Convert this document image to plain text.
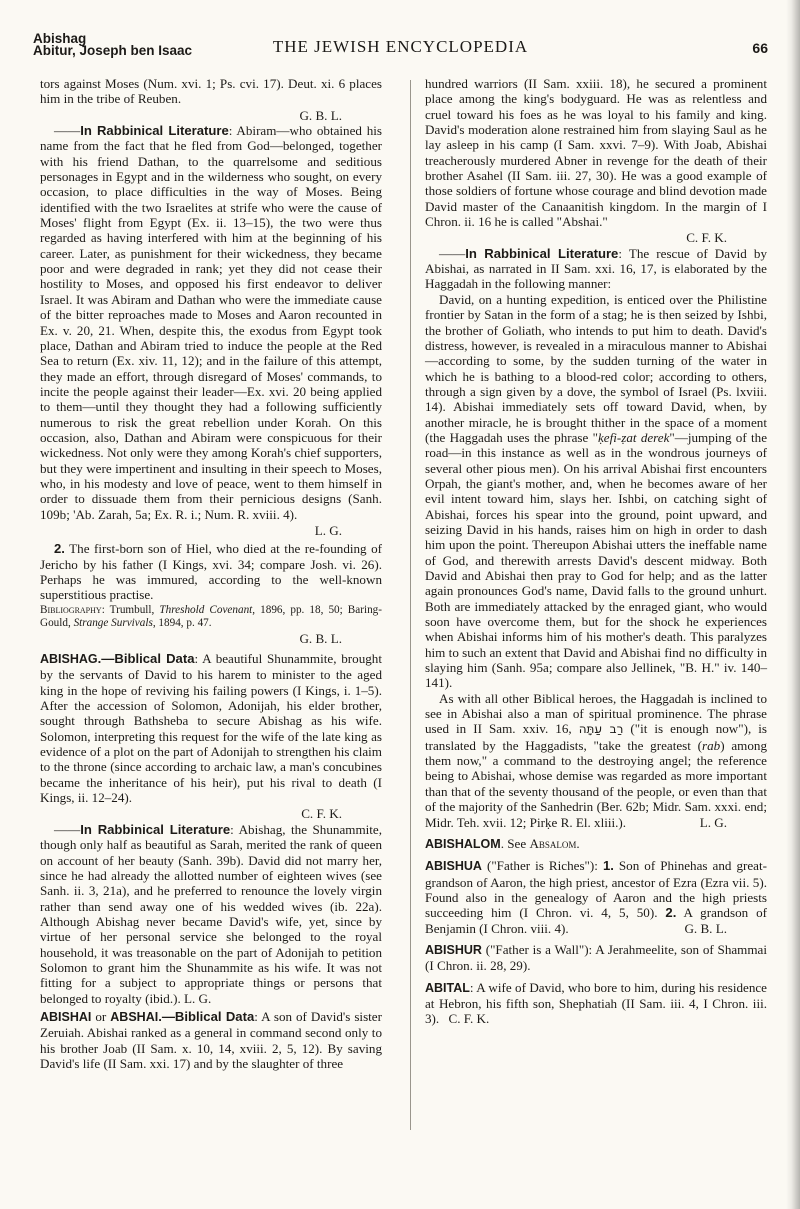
Abishag
Abitur, Joseph ben Isaac	THE JEWISH ENCYCLOPEDIA	66

tors against Moses (Num. xvi. 1; Ps. cvi. 17). Deut. xi. 6 places him in the tribe of Reuben.

G. B. L.

——In Rabbinical Literature: Abiram—who obtained his name from the fact that he fled from God—belonged, together with his friend Dathan, to the quarrelsome and seditious personages in Egypt and in the wilderness who sought, on every occasion, to place difficulties in the way of Moses. Being identified with the two Israelites at strife who were the cause of Moses' flight from Egypt (Ex. ii. 13–15), the two were thus regarded as having interfered with him at the beginning of his career. Later, as punishment for their wickedness, they became poor and were degraded in rank; yet they did not cease their hostility to Moses, and opposed his first endeavor to deliver Israel. It was Abiram and Dathan who were the immediate cause of the bitter reproaches made to Moses and Aaron recounted in Ex. v. 20, 21. When, despite this, the exodus from Egypt took place, Dathan and Abiram tried to induce the people at the Red Sea to return (Ex. xiv. 11, 12); and in the failure of this attempt, they made an effort, through disregard of Moses' commands, to incite the people against their leader—Ex. xvi. 20 being applied to them—until they thought they had a following sufficiently numerous to risk the great rebellion under Korah. On this occasion, also, Dathan and Abiram were conspicuous for their wickedness. Not only were they among Korah's chief supporters, but they were impertinent and insulting in their speech to Moses, who, in his modesty and love of peace, went to them himself in order to dissuade them from their pernicious designs (Sanh. 109b; 'Ab. Zarah, 5a; Ex. R. i.; Num. R. xviii. 4).

L. G.

2. The first-born son of Hiel, who died at the re-founding of Jericho by his father (I Kings, xvi. 34; compare Josh. vi. 26). Perhaps he was immured, according to the well-known superstitious practise.

Bibliography: Trumbull, Threshold Covenant, 1896, pp. 18, 50; Baring-Gould, Strange Survivals, 1894, p. 47.

G. B. L.

ABISHAG.—Biblical Data: A beautiful Shunammite, brought by the servants of David to his harem to minister to the aged king in the hope of reviving his failing powers (I Kings, i. 1–5). After the accession of Solomon, Adonijah, his elder brother, sought through Bathsheba to secure Abishag as his wife. Solomon, interpreting this request for the wife of the late king as evidence of a plot on the part of Adonijah to strengthen his claim to the throne (since according to archaic law, a man's concubines became the inheritance of his heir), put his rival to death (I Kings, ii. 12–24).

C. F. K.

——In Rabbinical Literature: Abishag, the Shunammite, though only half as beautiful as Sarah, merited the rank of queen on account of her beauty (Sanh. 39b). David did not marry her, since he had already the allotted number of eighteen wives (see Sanh. ii. 3, 21a), and he preferred to renounce the lovely virgin rather than send away one of his wedded wives (ib. 22a). Although Abishag never became David's wife, yet, since by virtue of her personal service she belonged to the royal household, it was treasonable on the part of Adonijah to petition Solomon to grant him the Shunammite as his wife. It was not fitting for a subject to appropriate things or persons that belonged to royalty (ibid.). L. G.

ABISHAI or ABSHAI.—Biblical Data: A son of David's sister Zeruiah. Abishai ranked as a general in command second only to his brother Joab (II Sam. x. 10, 14, xviii. 2, 5, 12). By saving David's life (II Sam. xxi. 17) and by the slaughter of three

hundred warriors (II Sam. xxiii. 18), he secured a prominent place among the king's bodyguard. He was as relentless and cruel toward his foes as he was loyal to his family and king. David's moderation alone restrained him from slaying Saul as he lay asleep in his camp (I Sam. xxvi. 7–9). With Joab, Abishai treacherously murdered Abner in revenge for the death of their brother Asahel (II Sam. iii. 27, 30). He was a good example of those soldiers of fortune whose courage and blind devotion made David master of the Canaanitish kingdom. In the margin of I Chron. ii. 16 he is called "Abshai."

C. F. K.

——In Rabbinical Literature: The rescue of David by Abishai, as narrated in II Sam. xxi. 16, 17, is elaborated by the Haggadah in the following manner:

David, on a hunting expedition, is enticed over the Philistine frontier by Satan in the form of a stag; he is then seized by Ishbi, the brother of Goliath, who intends to put him to death. David's distress, however, is revealed in a miraculous manner to Abishai—according to some, by the sudden turning of the water in which he is bathing to a blood-red color; according to others, through a sign given by a dove, the symbol of Israel (Ps. lxviii. 14). Abishai immediately sets off toward David, when, by another miracle, he is brought thither in the space of a moment (the Haggadah uses the phrase "ḳefi-ẓat derek"—jumping of the road—in this instance as well as in the wondrous journeys of several other pious men). On his arrival Abishai first encounters Orpah, the giant's mother, and, when he becomes aware of her evil intent toward him, slays her. Ishbi, on catching sight of Abishai, forces his spear into the ground, point upward, and seizing David in his hands, raises him on high in order to dash him upon the point. Thereupon Abishai utters the ineffable name of God, and therewith arrests David's descent midway. Both David and Abishai then pray to God for help; and as the latter again pronounces God's name, David falls to the ground unhurt. Both are immediately attacked by the enraged giant, who would soon have overcome them, but for the shock he experiences when Abishai informs him of his mother's death. This paralyzes him to such an extent that David and Abishai find no difficulty in slaying him (Sanh. 95a; compare also Jellinek, "B. H." iv. 140–141).

As with all other Biblical heroes, the Haggadah is inclined to see in Abishai also a man of spiritual prominence. The phrase used in II Sam. xxiv. 16, רַב עַתָּה ("it is enough now"), is translated by the Haggadists, "take the greatest (rab) among them now," a command to the destroying angel; the reference being to Abishai, whose demise was regarded as more important than that of the seventy thousand of the people, or even than that of the majority of the Sanhedrin (Ber. 62b; Midr. Sam. xxxi. end; Midr. Teh. xvii. 12; Pirḳe R. El. xliii.).	L. G.

ABISHALOM. See Absalom.

ABISHUA ("Father is Riches"): 1. Son of Phinehas and great-grandson of Aaron, the high priest, ancestor of Ezra (Ezra vii. 5). Found also in the genealogy of Aaron and the high priests succeeding him (I Chron. vi. 4, 5, 50). 2. A grandson of Benjamin (I Chron. viii. 4).	G. B. L.

ABISHUR ("Father is a Wall"): A Jerahmeelite, son of Shammai (I Chron. ii. 28, 29).

ABITAL: A wife of David, who bore to him, during his residence at Hebron, his fifth son, Shephatiah (II Sam. iii. 4, I Chron. iii. 3). C. F. K.
